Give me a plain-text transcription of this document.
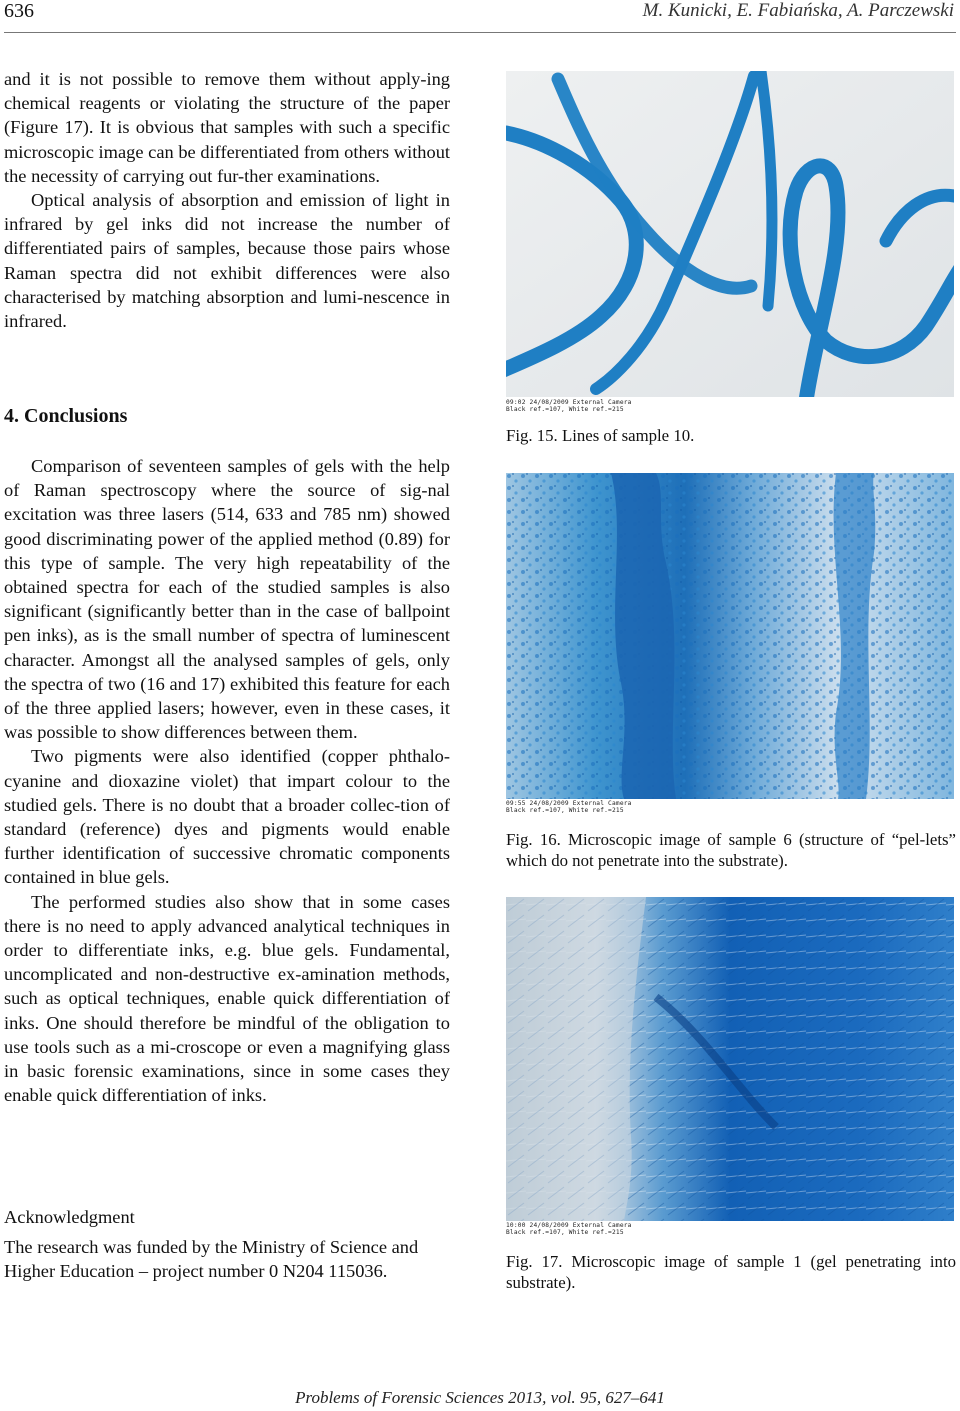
636	M. Kunicki, E. Fabiańska, A. Parczewski

and it is not possible to remove them without apply-ing chemical reagents or violating the structure of the paper (Figure 17). It is obvious that samples with such a specific microscopic image can be differentiated from others without the necessity of carrying out fur-ther examinations.

Optical analysis of absorption and emission of light in infrared by gel inks did not increase the number of differentiated pairs of samples, because those pairs whose Raman spectra did not exhibit differences were also characterised by matching absorption and lumi-nescence in infrared.

4. Conclusions

Comparison of seventeen samples of gels with the help of Raman spectroscopy where the source of sig-nal excitation was three lasers (514, 633 and 785 nm) showed good discriminating power of the applied method (0.89) for this type of sample. The very high repeatability of the obtained spectra for each of the studied samples is also significant (significantly better than in the case of ballpoint pen inks), as is the small number of spectra of luminescent character. Amongst all the analysed samples of gels, only the spectra of two (16 and 17) exhibited this feature for each of the three applied lasers; however, even in these cases, it was possible to show differences between them.

Two pigments were also identified (copper phthalo-cyanine and dioxazine violet) that impart colour to the studied gels. There is no doubt that a broader collec-tion of standard (reference) dyes and pigments would enable further identification of successive chromatic components contained in blue gels.

The performed studies also show that in some cases there is no need to apply advanced analytical techniques in order to differentiate inks, e.g. blue gels. Fundamental, uncomplicated and non-destructive ex-amination methods, such as optical techniques, enable quick differentiation of inks. One should therefore be mindful of the obligation to use tools such as a mi-croscope or even a magnifying glass in basic forensic examinations, since in some cases they enable quick differentiation of inks.

Acknowledgment
The research was funded by the Ministry of Science and Higher Education – project number 0 N204 115036.
09:02 24/08/2009 External Camera
Black ref.=107, White ref.=215
Fig. 15. Lines of sample 10.
09:55 24/08/2009 External Camera
Black ref.=107, White ref.=215
Fig. 16. Microscopic image of sample 6 (structure of “pel-lets” which do not penetrate into the substrate).
10:00 24/08/2009 External Camera
Black ref.=107, White ref.=215
Fig. 17. Microscopic image of sample 1 (gel penetrating into substrate).
Problems of Forensic Sciences 2013, vol. 95, 627–641
